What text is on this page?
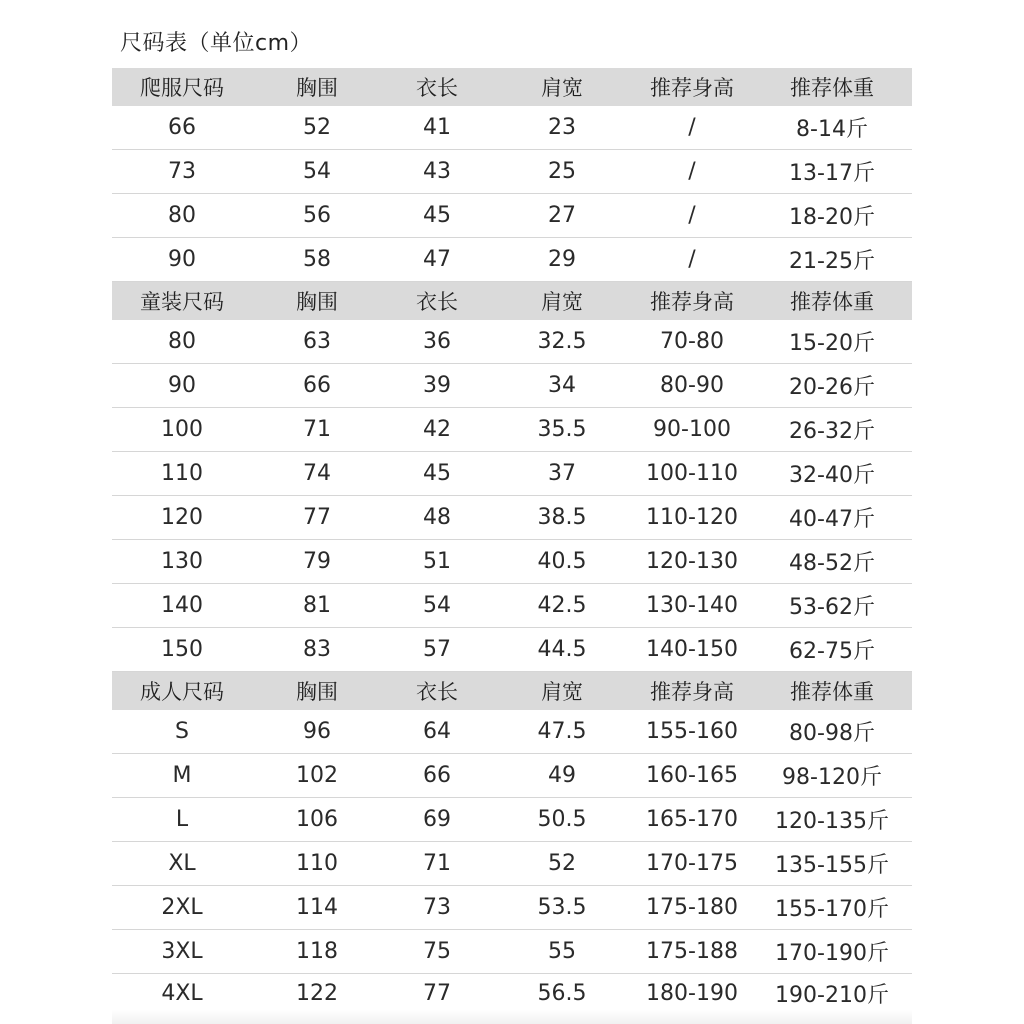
尺码表（单位cm）
爬服尺码	胸围	衣长	肩宽	推荐身高	推荐体重
66	52	41	23	/	8-14斤
73	54	43	25	/	13-17斤
80	56	45	27	/	18-20斤
90	58	47	29	/	21-25斤
童装尺码	胸围	衣长	肩宽	推荐身高	推荐体重
80	63	36	32.5	70-80	15-20斤
90	66	39	34	80-90	20-26斤
100	71	42	35.5	90-100	26-32斤
110	74	45	37	100-110	32-40斤
120	77	48	38.5	110-120	40-47斤
130	79	51	40.5	120-130	48-52斤
140	81	54	42.5	130-140	53-62斤
150	83	57	44.5	140-150	62-75斤
成人尺码	胸围	衣长	肩宽	推荐身高	推荐体重
S	96	64	47.5	155-160	80-98斤
M	102	66	49	160-165	98-120斤
L	106	69	50.5	165-170	120-135斤
XL	110	71	52	170-175	135-155斤
2XL	114	73	53.5	175-180	155-170斤
3XL	118	75	55	175-188	170-190斤
4XL	122	77	56.5	180-190	190-210斤
